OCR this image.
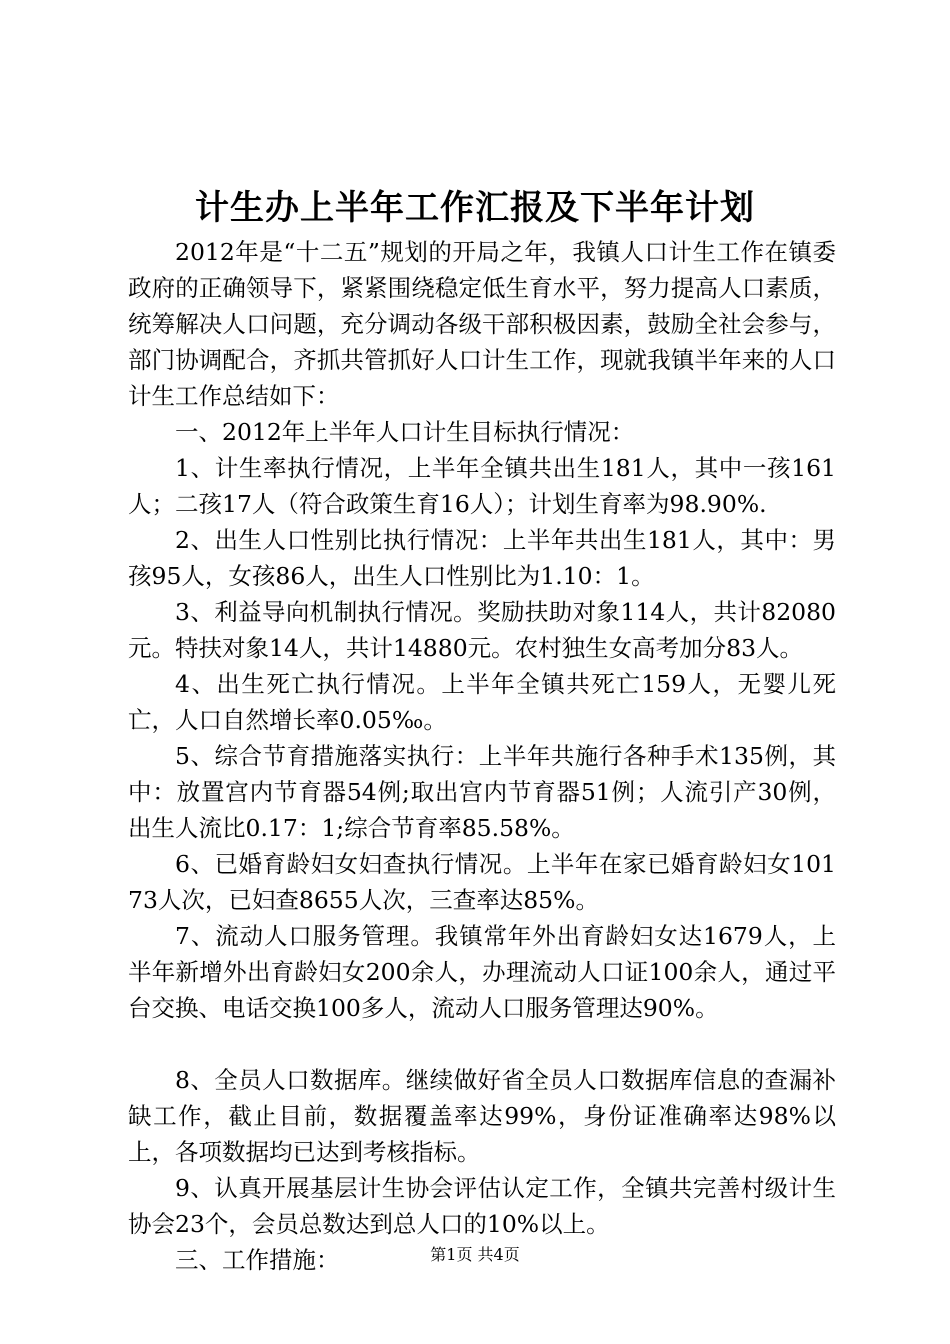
计生办上半年工作汇报及下半年计划

2012年是“十二五”规划的开局之年，我镇人口计生工作在镇委政府的正确领导下，紧紧围绕稳定低生育水平，努力提高人口素质，统筹解决人口问题，充分调动各级干部积极因素，鼓励全社会参与，部门协调配合，齐抓共管抓好人口计生工作，现就我镇半年来的人口计生工作总结如下：

一、2012年上半年人口计生目标执行情况：

1、计生率执行情况，上半年全镇共出生181人，其中一孩161人；二孩17人（符合政策生育16人）；计划生育率为98.90%.

2、出生人口性别比执行情况：上半年共出生181人，其中：男孩95人，女孩86人，出生人口性别比为1.10：1。

3、利益导向机制执行情况。奖励扶助对象114人，共计82080元。特扶对象14人，共计14880元。农村独生女高考加分83人。

4、出生死亡执行情况。上半年全镇共死亡159人，无婴儿死亡，人口自然增长率0.05‰。

5、综合节育措施落实执行：上半年共施行各种手术135例，其中：放置宫内节育器54例;取出宫内节育器51例；人流引产30例，出生人流比0.17：1;综合节育率85.58%。

6、已婚育龄妇女妇查执行情况。上半年在家已婚育龄妇女10173人次，已妇查8655人次，三查率达85%。

7、流动人口服务管理。我镇常年外出育龄妇女达1679人，上半年新增外出育龄妇女200余人，办理流动人口证100余人，通过平台交换、电话交换100多人，流动人口服务管理达90%。

8、全员人口数据库。继续做好省全员人口数据库信息的查漏补缺工作，截止目前，数据覆盖率达99%，身份证准确率达98%以上，各项数据均已达到考核指标。

9、认真开展基层计生协会评估认定工作，全镇共完善村级计生协会23个，会员总数达到总人口的10%以上。

三、工作措施：	第1页 共4页
